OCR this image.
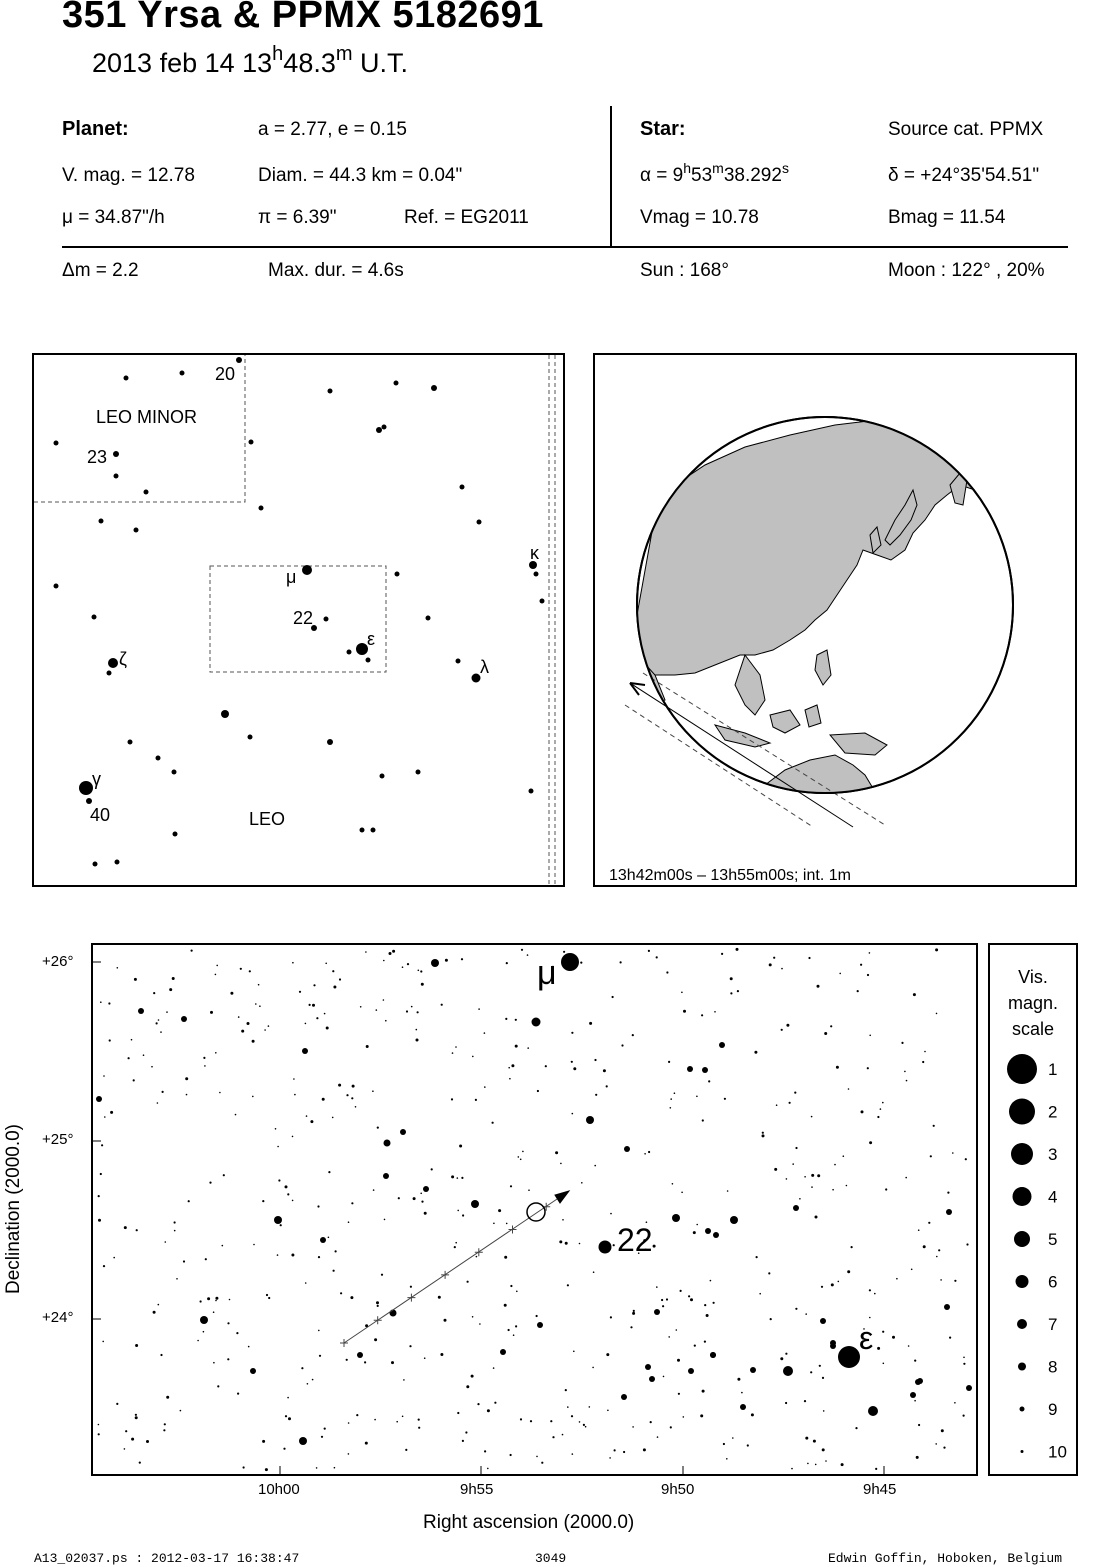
351 Yrsa & PPMX 5182691
2013 feb 14 13$^h$48.3$^m$ U.T.
Planet:	a = 2.77, e = 0.15
V. mag. = 12.78	Diam. = 44.3 km = 0.04"
μ = 34.87"/h	π = 6.39"	Ref. = EG2011
Star:	Source cat. PPMX
$\alpha = 9^h53^m38.292^s$	δ = +24°35'54.51"
Vmag = 10.78	Bmag = 11.54
Δm = 2.2	Max. dur. = 4.6s	Sun : 168°	Moon : 122° , 20%
LEO MINOR
LEO
20
23
22
40
μ
ε
ζ	λ
κ
γ
13h42m00s – 13h55m00s; int. 1m
μ
22
ε
+26°
+25°
+24°
10h00	9h55	9h50	9h45
Right ascension (2000.0)
Declination (2000.0)
Vis.
magn.
scale
1
2
3
4
5
6
7
8
9
10
A13_02037.ps : 2012-03-17 16:38:47	3049	Edwin Goffin, Hoboken, Belgium
